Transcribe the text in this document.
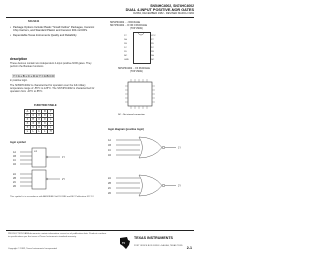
SN54HC4002, SN74HC4002
DUAL 4-INPUT POSITIVE-NOR GATES
D2684, DECEMBER 1982 - REVISED MARCH 1984
SCLS141
• Package Options Include Plastic "Small Outline" Packages, Ceramic Chip Carriers, and Standard Plastic and Ceramic 300-mil DIPs
• Dependable Texas Instruments Quality and Reliability
description
These devices contain two independent 4-input positive-NOR gates. They perform the Boolean functions
Y = A + B + C + D or Y = A·B·C·D
in positive logic.
The SN54HC4002 is characterized for operation over the full military temperature range of -55°C to 125°C. The SN74HC4002 is characterized for operation from -40°C to 85°C.
FUNCTION TABLE
A	B	C	D	Y
H	X	X	X	L
X	H	X	X	L
X	X	H	X	L
X	X	X	H	L
L	L	L	L	H
logic symbol
≥1
1A
1B
1C
1D
2A
2B
2C
2D
1Y
2Y
This symbol is in accordance with ANSI/IEEE Std 91-1984 and IEC Publication 617-12.
SN54HC4002 ... J PACKAGE
SN74HC4002 ... D OR N PACKAGE
(TOP VIEW)
1Y
1A
1B
1C
1D
NC
GND
VCC
2Y
2D
2C
2B
2A
NC
SN54HC4002 ... FK PACKAGE
(TOP VIEW)
NC - No internal connection
logic diagram (positive logic)
1A
1B
1C
1D
2A
2B
2C
2D
1Y
2Y
PRODUCTION DATA documents contain information current as of publication date. Products conform to specifications per the terms of Texas Instruments standard warranty.
Copyright © 1982, Texas Instruments Incorporated
TI
TEXAS INSTRUMENTS
POST OFFICE BOX 655303 • DALLAS, TEXAS 75265 2-1
